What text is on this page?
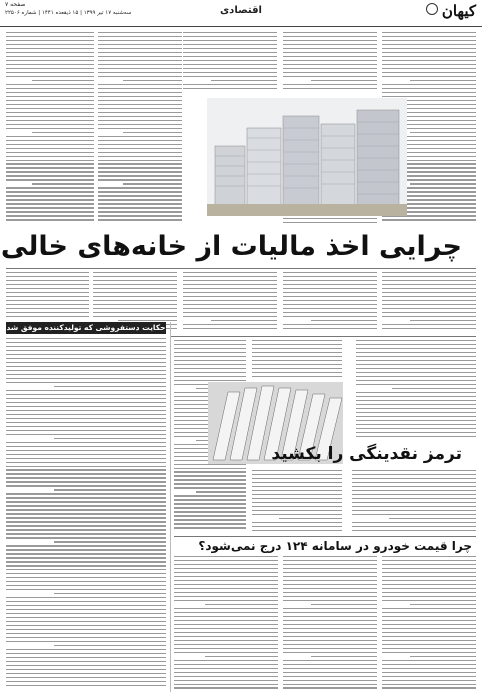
کیهان
اقتصادی
صفحه ۷
سه‌شنبه ۱۷ تیر ۱۳۹۹ | ۱۵ ذیقعده ۱۴۴۱ | شماره ۲۲۵۰۶
چرایی اخذ مالیات از خانه‌های خالی
حکایت دستفروشی که تولیدکننده موفق شد
ترمز نقدینگی را بکشید
چرا قیمت خودرو در سامانه ۱۲۴ درج نمی‌شود؟
